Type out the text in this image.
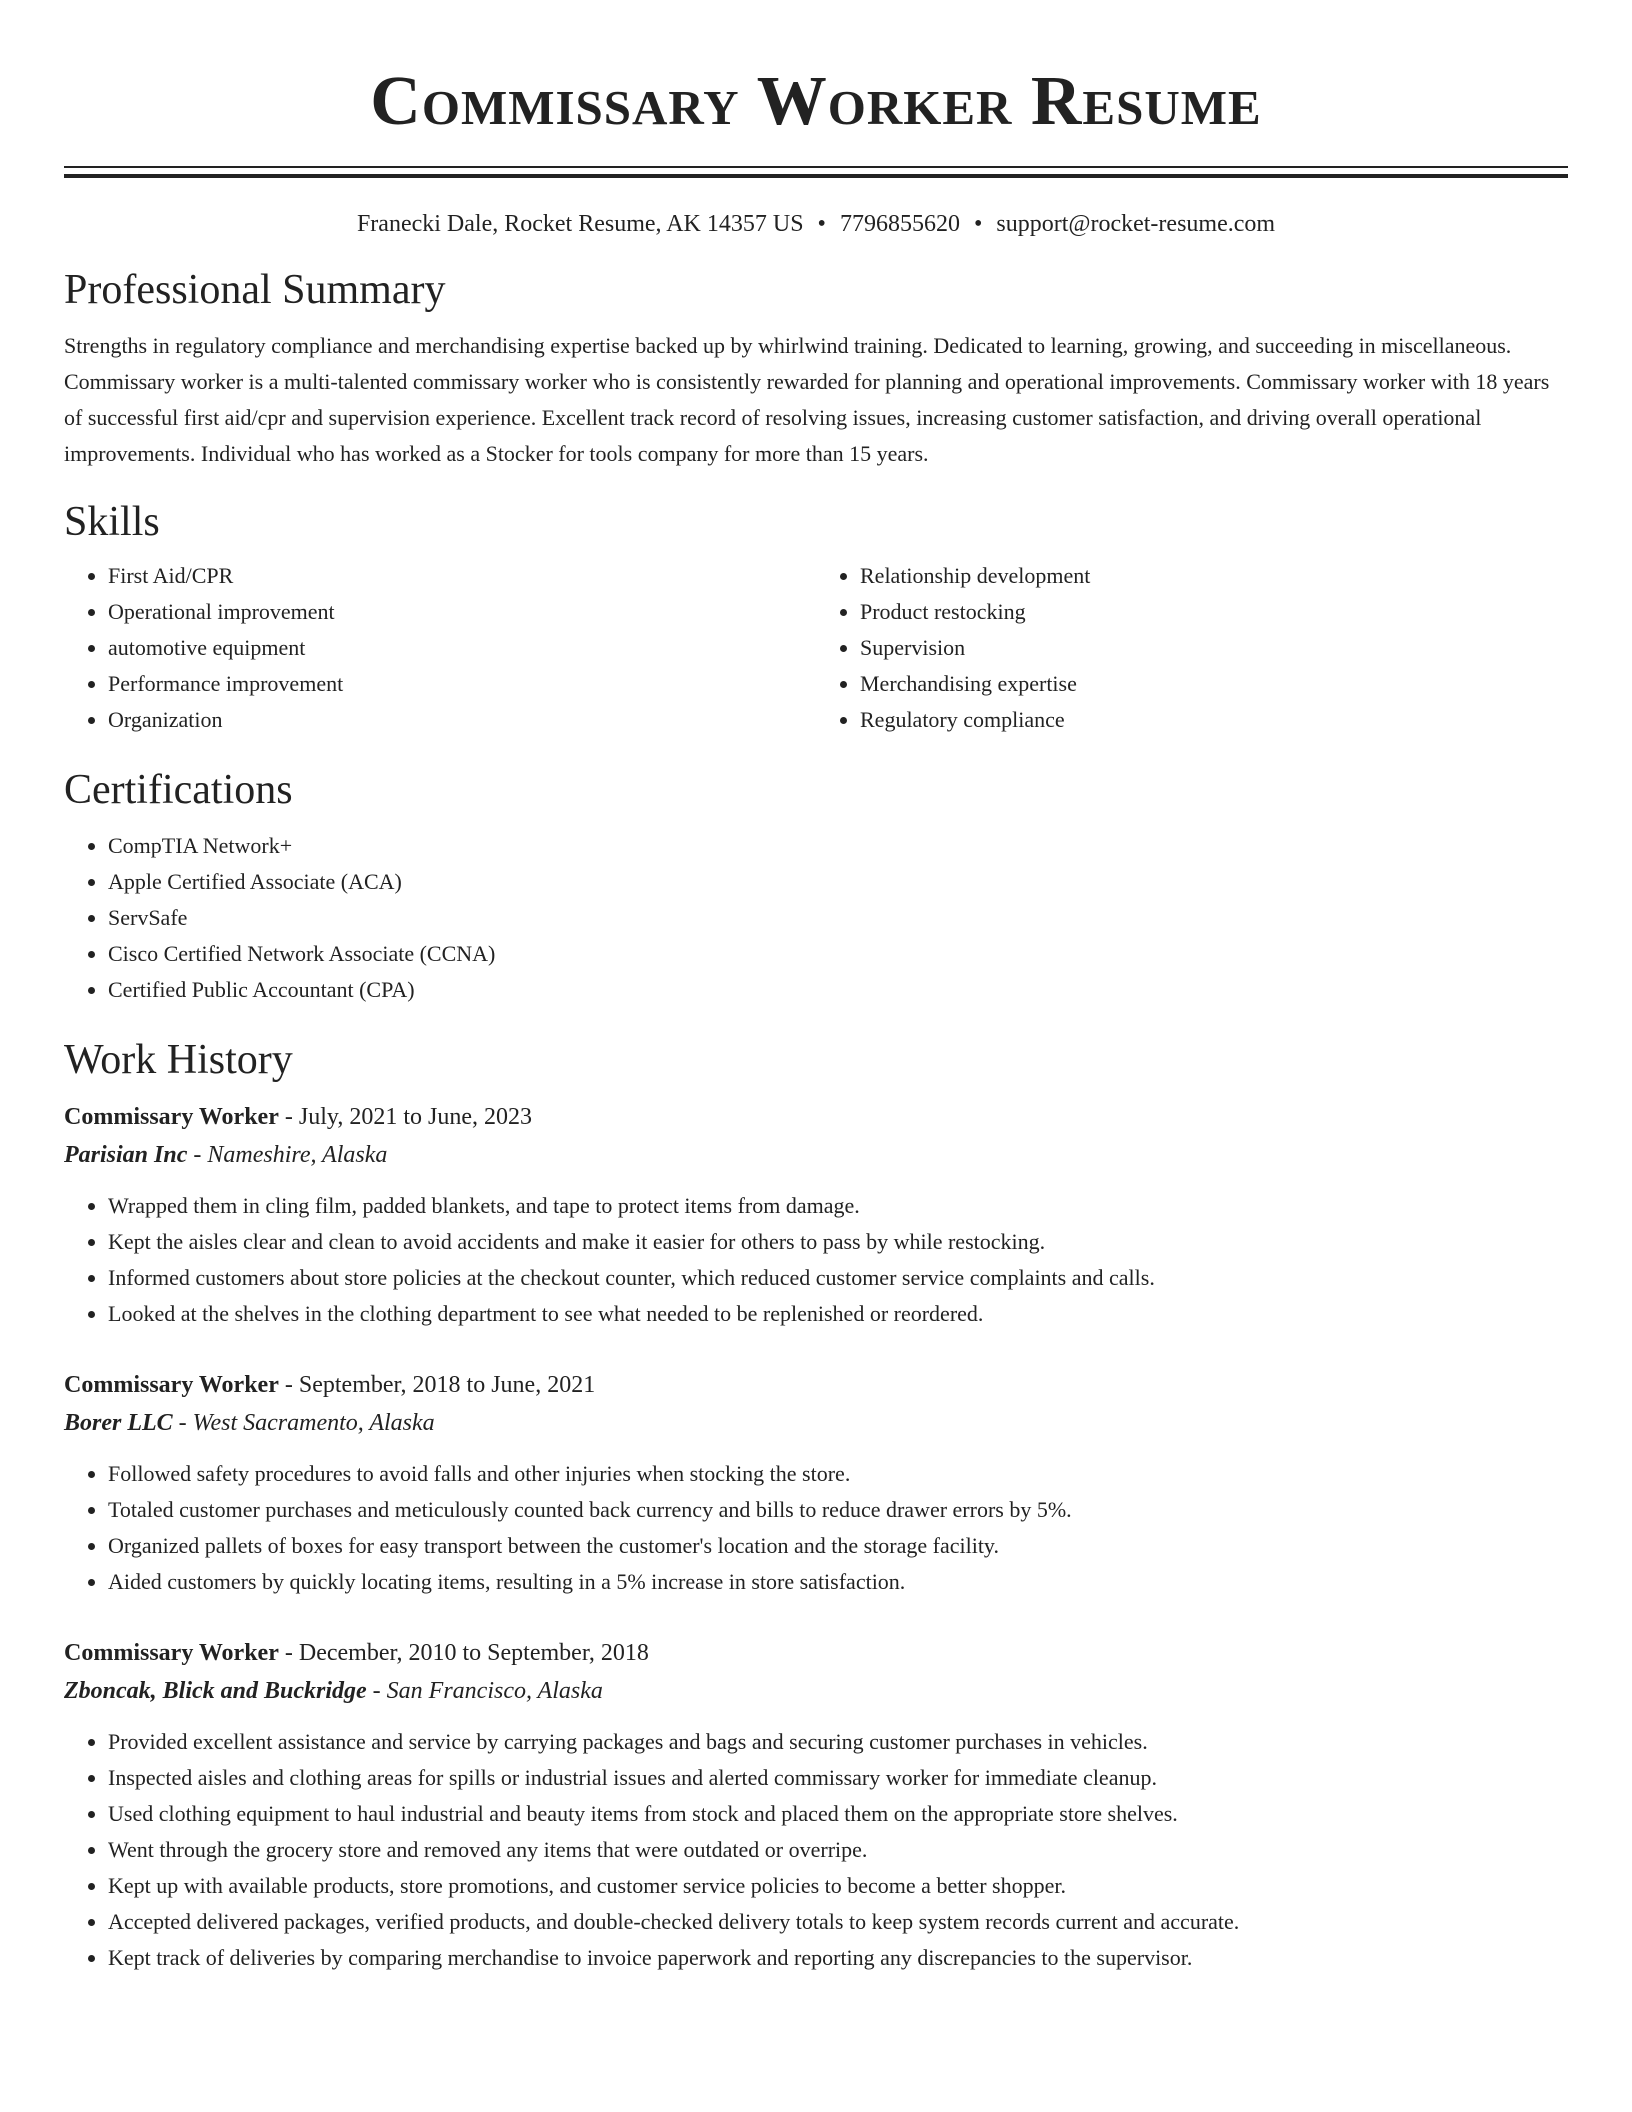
Commissary Worker Resume
Franecki Dale, Rocket Resume, AK 14357 US • 7796855620 • support@rocket-resume.com
Professional Summary

Strengths in regulatory compliance and merchandising expertise backed up by whirlwind training. Dedicated to learning, growing, and succeeding in miscellaneous. Commissary worker is a multi-talented commissary worker who is consistently rewarded for planning and operational improvements. Commissary worker with 18 years of successful first aid/cpr and supervision experience. Excellent track record of resolving issues, increasing customer satisfaction, and driving overall operational improvements. Individual who has worked as a Stocker for tools company for more than 15 years.

Skills
• First Aid/CPR
• Operational improvement
• automotive equipment
• Performance improvement
• Organization
• Relationship development
• Product restocking
• Supervision
• Merchandising expertise
• Regulatory compliance
Certifications
• CompTIA Network+
• Apple Certified Associate (ACA)
• ServSafe
• Cisco Certified Network Associate (CCNA)
• Certified Public Accountant (CPA)
Work History
Commissary Worker - July, 2021 to June, 2023
Parisian Inc - Nameshire, Alaska
• Wrapped them in cling film, padded blankets, and tape to protect items from damage.
• Kept the aisles clear and clean to avoid accidents and make it easier for others to pass by while restocking.
• Informed customers about store policies at the checkout counter, which reduced customer service complaints and calls.
• Looked at the shelves in the clothing department to see what needed to be replenished or reordered.
Commissary Worker - September, 2018 to June, 2021
Borer LLC - West Sacramento, Alaska
• Followed safety procedures to avoid falls and other injuries when stocking the store.
• Totaled customer purchases and meticulously counted back currency and bills to reduce drawer errors by 5%.
• Organized pallets of boxes for easy transport between the customer's location and the storage facility.
• Aided customers by quickly locating items, resulting in a 5% increase in store satisfaction.
Commissary Worker - December, 2010 to September, 2018
Zboncak, Blick and Buckridge - San Francisco, Alaska
• Provided excellent assistance and service by carrying packages and bags and securing customer purchases in vehicles.
• Inspected aisles and clothing areas for spills or industrial issues and alerted commissary worker for immediate cleanup.
• Used clothing equipment to haul industrial and beauty items from stock and placed them on the appropriate store shelves.
• Went through the grocery store and removed any items that were outdated or overripe.
• Kept up with available products, store promotions, and customer service policies to become a better shopper.
• Accepted delivered packages, verified products, and double-checked delivery totals to keep system records current and accurate.
• Kept track of deliveries by comparing merchandise to invoice paperwork and reporting any discrepancies to the supervisor.
